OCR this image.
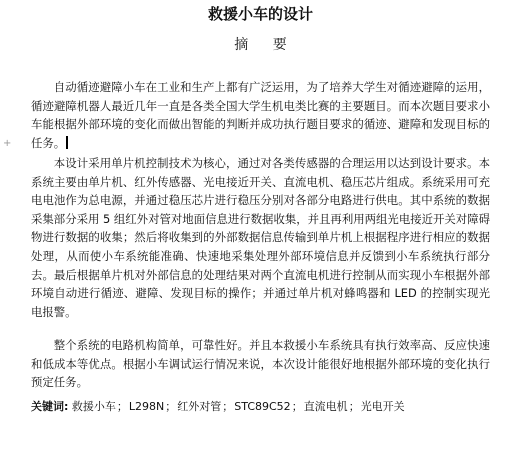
救援小车的设计
摘 要
+

自动循迹避障小车在工业和生产上都有广泛运用，为了培养大学生对循迹避障的运用，循迹避障机器人最近几年一直是各类全国大学生机电类比赛的主要题目。而本次题目要求小车能根据外部环境的变化而做出智能的判断并成功执行题目要求的循迹、避障和发现目标的任务。

本设计采用单片机控制技术为核心，通过对各类传感器的合理运用以达到设计要求。本系统主要由单片机、红外传感器、光电接近开关、直流电机、稳压芯片组成。系统采用可充电电池作为总电源，并通过稳压芯片进行稳压分别对各部分电路进行供电。其中系统的数据采集部分采用 5 组红外对管对地面信息进行数据收集，并且再利用两组光电接近开关对障碍物进行数据的收集；然后将收集到的外部数据信息传输到单片机上根据程序进行相应的数据处理，从而使小车系统能准确、快速地采集处理外部环境信息并反馈到小车系统执行部分去。最后根据单片机对外部信息的处理结果对两个直流电机进行控制从而实现小车根据外部环境自动进行循迹、避障、发现目标的操作；并通过单片机对蜂鸣器和 LED 的控制实现光电报警。

整个系统的电路机构简单，可靠性好。并且本救援小车系统具有执行效率高、反应快速和低成本等优点。根据小车调试运行情况来说，本次设计能很好地根据外部环境的变化执行预定任务。

关键词: 救援小车；L298N；红外对管；STC89C52；直流电机；光电开关
